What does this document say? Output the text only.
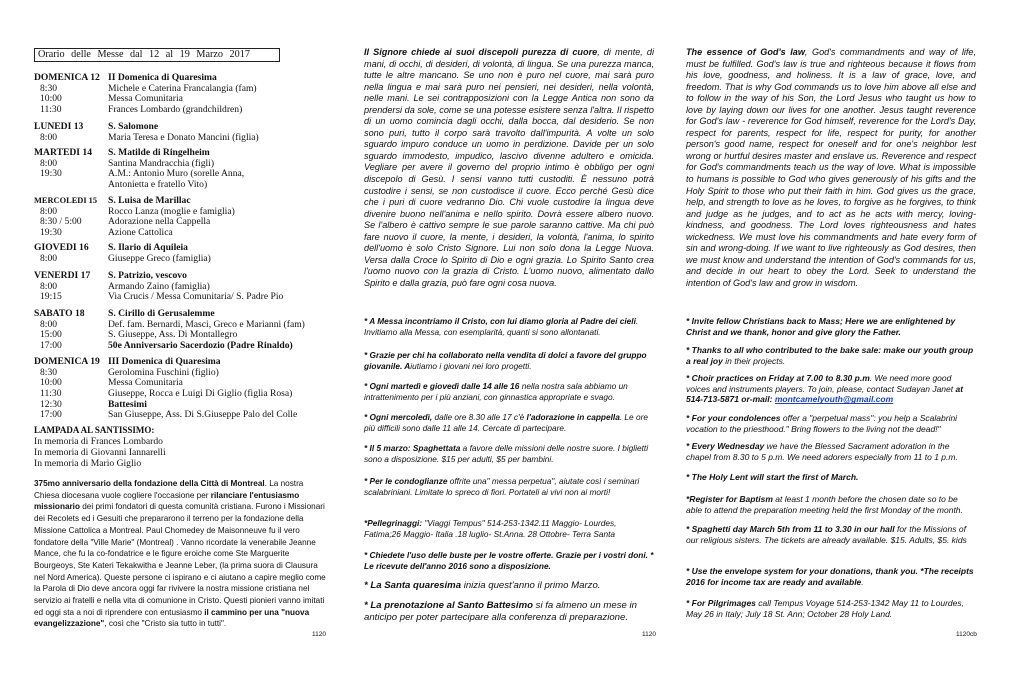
Orario delle Messe dal 12 al 19 Marzo 2017
DOMENICA 12 II Domenica di Quaresima
8:30	Michele e Caterina Francalangia (fam)
10:00	Messa Comunitaria
11:30	Frances Lombardo (grandchildren)
LUNEDI 13	S. Salomone
8:00	Maria Teresa e Donato Mancini (figlia)
MARTEDI 14	S. Matilde di Ringelheim
8:00	Santina Mandracchia (figli)
19:30	A.M.: Antonio Muro (sorelle Anna, Antonietta e fratello Vito)
MERCOLEDI 15	S. Luisa de Marillac
8:00	Rocco Lanza (moglie e famiglia)
8:30 / 5:00	Adorazione nella Cappella
19:30	Azione Cattolica
GIOVEDI 16	S. Ilario di Aquileia
8:00	Giuseppe Greco (famiglia)
VENERDI 17	S. Patrizio, vescovo
8:00	Armando Zaino (famiglia)
19:15	Via Crucis / Messa Comunitaria/ S. Padre Pio
SABATO 18	S. Cirillo di Gerusalemme
8:00	Def. fam. Bernardi, Masci, Greco e Marianni (fam)
15:00	S. Giuseppe, Ass. Di Montallegro
17:00	50e Anniversario Sacerdozio (Padre Rinaldo)
DOMENICA 19 III Domenica di Quaresima
8:30	Gerolomina Fuschini (figlio)
10:00	Messa Comunitaria
11:30	Giuseppe, Rocca e Luigi Di Giglio (figlia Rosa)
12:30	Battesimi
17:00	San Giuseppe, Ass. Di S.Giuseppe Palo del Colle
LAMPADA AL SANTISSIMO:
In memoria di Frances Lombardo
In memoria di Giovanni Iannarelli
In memoria di Mario Giglio
375mo anniversario della fondazione della Città di Montreal. La nostra Chiesa diocesana vuole cogliere l'occasione per rilanciare l'entusiasmo missionario dei primi fondatori di questa comunità cristiana. Furono i Missionari dei Recolets ed i Gesuiti che prepararono il terreno per la fondazione della Missione Cattolica a Montreal. Paul Chomedey de Maisonneuve fu il vero fondatore della "Ville Marie" (Montreal) . Vanno ricordate la venerabile Jeanne Mance, che fu la co-fondatrice e le figure eroiche come Ste Marguerite Bourgeoys, Ste Kateri Tekakwitha e Jeanne Leber, (la prima suora di Clausura nel Nord America). Queste persone ci ispirano e ci aiutano a capire meglio come la Parola di Dio deve ancora oggi far rivivere la nostra missione cristiana nel servizio ai fratelli e nella vita di comunione in Cristo. Questi pionieri vanno imitati ed oggi sta a noi di riprendere con entusiasmo il cammino per una "nuova evangelizzazione", così che "Cristo sia tutto in tutti".
1120
Il Signore chiede ai suoi discepoli purezza di cuore, di mente, di mani, di occhi, di desideri, di volontà, di lingua. Se una purezza manca, tutte le altre mancano. Se uno non è puro nel cuore, mai sarà puro nella lingua e mai sarà puro nei pensieri, nei desideri, nella volontà, nelle mani. Le sei contrapposizioni con la Legge Antica non sono da prendersi da sole, come se una potesse esistere senza l'altra. Il rispetto di un uomo comincia dagli occhi, dalla bocca, dal desiderio. Se non sono puri, tutto il corpo sarà travolto dall'impurità. A volte un solo sguardo impuro conduce un uomo in perdizione. Davide per un solo sguardo immodesto, impudico, lascivo divenne adultero e omicida. Vegliare per avere il governo del proprio intimo è obbligo per ogni discepolo di Gesù. I sensi vanno tutti custoditi. È nessuno potrà custodire i sensi, se non custodisce il cuore. Ecco perché Gesù dice che i puri di cuore vedranno Dio. Chi vuole custodire la lingua deve divenire buono nell'anima e nello spirito. Dovrà essere albero nuovo. Se l'albero è cattivo sempre le sue parole saranno cattive. Ma chi può fare nuovo il cuore, la mente, i desideri, la volontà, l'anima, lo spirito dell'uomo è solo Cristo Signore. Lui non solo dona la Legge Nuova. Versa dalla Croce lo Spirito di Dio e ogni grazia. Lo Spirito Santo crea l'uomo nuovo con la grazia di Cristo. L'uomo nuovo, alimentato dallo Spirito e dalla grazia, può fare ogni cosa nuova.
* A Messa incontriamo il Cristo, con lui diamo gloria al Padre dei cieli. Invitiamo alla Messa, con esemplarità, quanti si sono allontanati.
* Grazie per chi ha collaborato nella vendita di dolci a favore del gruppo giovanile. Aiutiamo i giovani nei loro progetti.
* Ogni martedì e giovedì dalle 14 alle 16 nella nostra sala abbiamo un intrattenimento per i più anziani, con ginnastica appropriate e svago.
* Ogni mercoledì, dalle ore 8.30 alle 17 c'è l'adorazione in cappella. Le ore più difficili sono dalle 11 alle 14. Cercate di partecipare.
* Il 5 marzo: Spaghettata a favore delle missioni delle nostre suore. I biglietti sono a disposizione. $15 per adulti, $5 per bambini.
* Per le condoglianze offrite una" messa perpetua", aiutate così i seminari scalabriniani. Limitate lo spreco di fiori. Portateli ai vivi non ai morti!
*Pellegrinaggi: "Viaggi Tempus" 514-253-1342.11 Maggio- Lourdes, Fatima;26 Maggio- Italia .18 luglio- St.Anna. 28 Ottobre- Terra Santa
* Chiedete l'uso delle buste per le vostre offerte. Grazie per i vostri doni. * Le ricevute dell'anno 2016 sono a disposizione.
* La Santa quaresima inizia quest'anno il primo Marzo.
* La prenotazione al Santo Battesimo si fa almeno un mese in anticipo per poter partecipare alla conferenza di preparazione.
1120
The essence of God's law, God's commandments and way of life, must be fulfilled. God's law is true and righteous because it flows from his love, goodness, and holiness. It is a law of grace, love, and freedom. That is why God commands us to love him above all else and to follow in the way of his Son, the Lord Jesus who taught us how to love by laying down our lives for one another. Jesus taught reverence for God's law - reverence for God himself, reverence for the Lord's Day, respect for parents, respect for life, respect for purity, for another person's good name, respect for oneself and for one's neighbor lest wrong or hurtful desires master and enslave us. Reverence and respect for God's commandments teach us the way of love. What is impossible to humans is possible to God who gives generously of his gifts and the Holy Spirit to those who put their faith in him. God gives us the grace, help, and strength to love as he loves, to forgive as he forgives, to think and judge as he judges, and to act as he acts with mercy, loving-kindness, and goodness. The Lord loves righteousness and hates wickedness. We must love his commandments and hate every form of sin and wrong-doing. If we want to live righteously as God desires, then we must know and understand the intention of God's commands for us, and decide in our heart to obey the Lord. Seek to understand the intention of God's law and grow in wisdom.
* Invite fellow Christians back to Mass; Here we are enlightened by Christ and we thank, honor and give glory the Father.
* Thanks to all who contributed to the bake sale: make our youth group a real joy in their projects.
* Choir practices on Friday at 7.00 to 8.30 p.m. We need more good voices and instruments players. To join, please, contact Sudayan Janet at 514-713-5871 or-mail: montcamelyouth@gmail.com
* For your condolences offer a "perpetual mass": you help a Scalabrini vocation to the priesthood." Bring flowers to the living not the dead!"
* Every Wednesday we have the Blessed Sacrament adoration in the chapel from 8.30 to 5 p.m. We need adorers especially from 11 to 1 p.m.
* The Holy Lent will start the first of March.
*Register for Baptism at least 1 month before the chosen date so to be able to attend the preparation meeting held the first Monday of the month.
* Spaghetti day March 5th from 11 to 3.30 in our hall for the Missions of our religious sisters. The tickets are already available. $15. Adults, $5. kids
* Use the envelope system for your donations, thank you. *The receipts 2016 for income tax are ready and available.
* For Pilgrimages call Tempus Voyage 514-253-1342 May 11 to Lourdes, May 26 in Italy; July 18 St. Ann; October 28 Holy Land.
1120cb
